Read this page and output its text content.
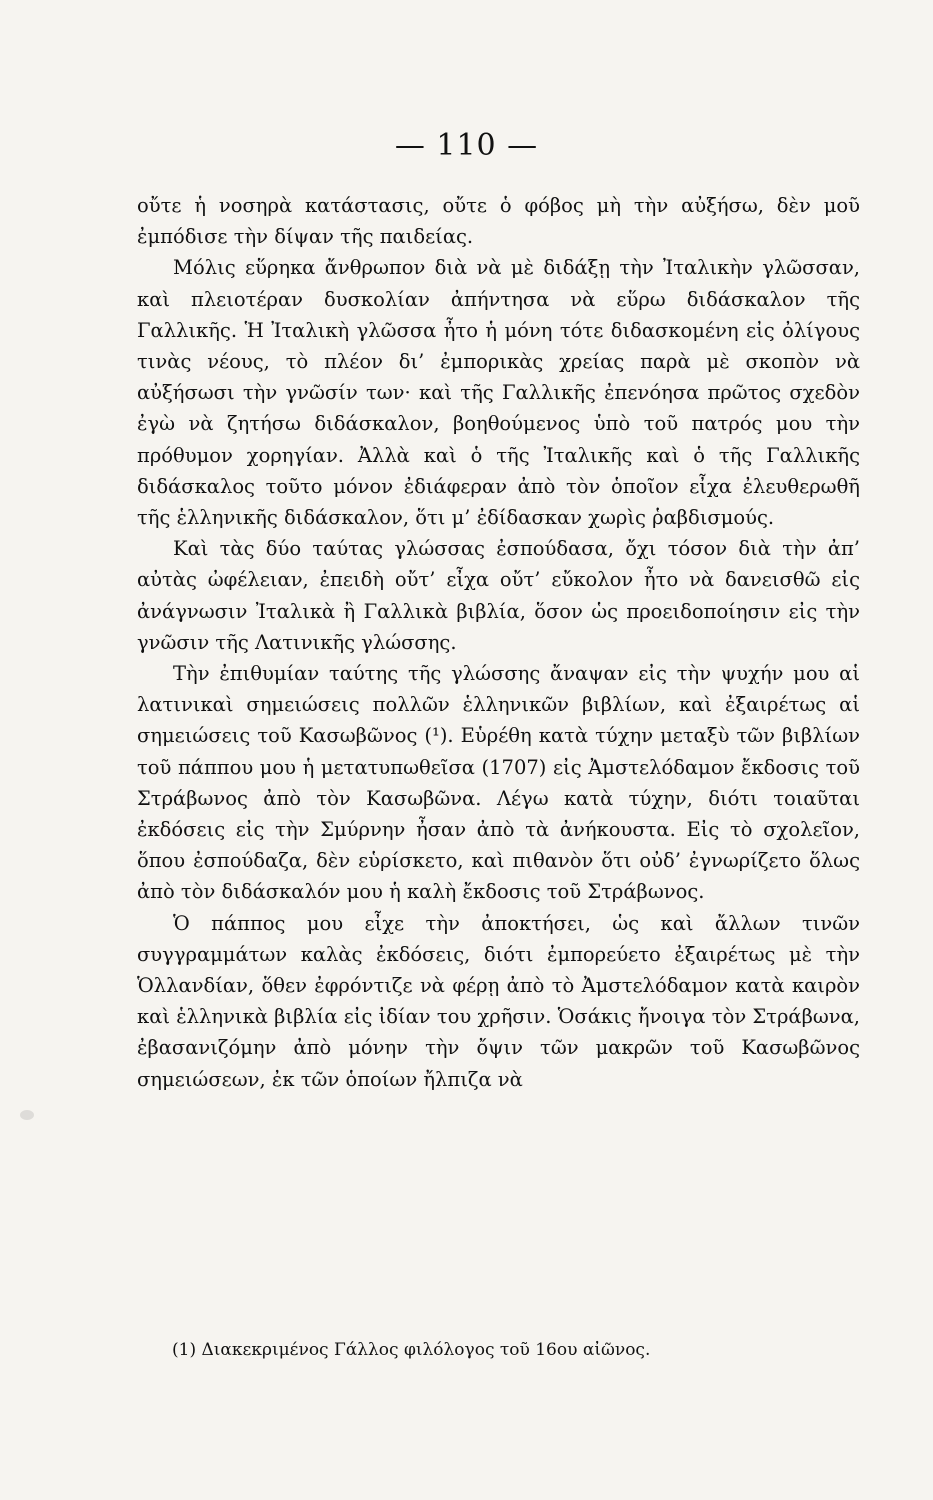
— 110 —

οὔτε ἡ νοσηρὰ κατάστασις, οὔτε ὁ φόβος μὴ τὴν αὐξήσω, δὲν μοῦ ἐμπόδισε τὴν δίψαν τῆς παιδείας.

Μόλις εὕρηκα ἄνθρωπον διὰ νὰ μὲ διδάξῃ τὴν Ἰταλικὴν γλῶσσαν, καὶ πλειοτέραν δυσκολίαν ἀπήντησα νὰ εὕρω διδάσκαλον τῆς Γαλλικῆς. Ἡ Ἰταλικὴ γλῶσσα ἦτο ἡ μόνη τότε διδασκομένη εἰς ὀλίγους τινὰς νέους, τὸ πλέον δι’ ἐμπορικὰς χρείας παρὰ μὲ σκοπὸν νὰ αὐξήσωσι τὴν γνῶσίν των· καὶ τῆς Γαλλικῆς ἐπενόησα πρῶτος σχεδὸν ἐγὼ νὰ ζητήσω διδάσκαλον, βοηθούμενος ὑπὸ τοῦ πατρός μου τὴν πρόθυμον χορηγίαν. Ἀλλὰ καὶ ὁ τῆς Ἰταλικῆς καὶ ὁ τῆς Γαλλικῆς διδάσκαλος τοῦτο μόνον ἐδιάφεραν ἀπὸ τὸν ὁποῖον εἶχα ἐλευθερωθῆ τῆς ἑλληνικῆς διδάσκαλον, ὅτι μ’ ἐδίδασκαν χωρὶς ῥαβδισμούς.

Καὶ τὰς δύο ταύτας γλώσσας ἐσπούδασα, ὄχι τόσον διὰ τὴν ἀπ’ αὐτὰς ὠφέλειαν, ἐπειδὴ οὔτ’ εἶχα οὔτ’ εὔκολον ἦτο νὰ δανεισθῶ εἰς ἀνάγνωσιν Ἰταλικὰ ἢ Γαλλικὰ βιβλία, ὅσον ὡς προειδοποίησιν εἰς τὴν γνῶσιν τῆς Λατινικῆς γλώσσης.

Τὴν ἐπιθυμίαν ταύτης τῆς γλώσσης ἄναψαν εἰς τὴν ψυχήν μου αἱ λατινικαὶ σημειώσεις πολλῶν ἑλληνικῶν βιβλίων, καὶ ἐξαιρέτως αἱ σημειώσεις τοῦ Κασωβῶνος (¹). Εὑρέθη κατὰ τύχην μεταξὺ τῶν βιβλίων τοῦ πάππου μου ἡ μετατυπωθεῖσα (1707) εἰς Ἀμστελόδαμον ἔκδοσις τοῦ Στράβωνος ἀπὸ τὸν Κασωβῶνα. Λέγω κατὰ τύχην, διότι τοιαῦται ἐκδόσεις εἰς τὴν Σμύρνην ἦσαν ἀπὸ τὰ ἀνήκουστα. Εἰς τὸ σχολεῖον, ὅπου ἐσπούδαζα, δὲν εὑρίσκετο, καὶ πιθανὸν ὅτι οὐδ’ ἐγνωρίζετο ὅλως ἀπὸ τὸν διδάσκαλόν μου ἡ καλὴ ἔκδοσις τοῦ Στράβωνος.

Ὁ πάππος μου εἶχε τὴν ἀποκτήσει, ὡς καὶ ἄλλων τινῶν συγγραμμάτων καλὰς ἐκδόσεις, διότι ἐμπορεύετο ἐξαιρέτως μὲ τὴν Ὁλλανδίαν, ὅθεν ἐφρόντιζε νὰ φέρῃ ἀπὸ τὸ Ἀμστελόδαμον κατὰ καιρὸν καὶ ἑλληνικὰ βιβλία εἰς ἰδίαν του χρῆσιν. Ὁσάκις ἤνοιγα τὸν Στράβωνα, ἐβασανιζόμην ἀπὸ μόνην τὴν ὄψιν τῶν μακρῶν τοῦ Κασωβῶνος σημειώσεων, ἐκ τῶν ὁποίων ἤλπιζα νὰ

(1) Διακεκριμένος Γάλλος φιλόλογος τοῦ 16ου αἰῶνος.
